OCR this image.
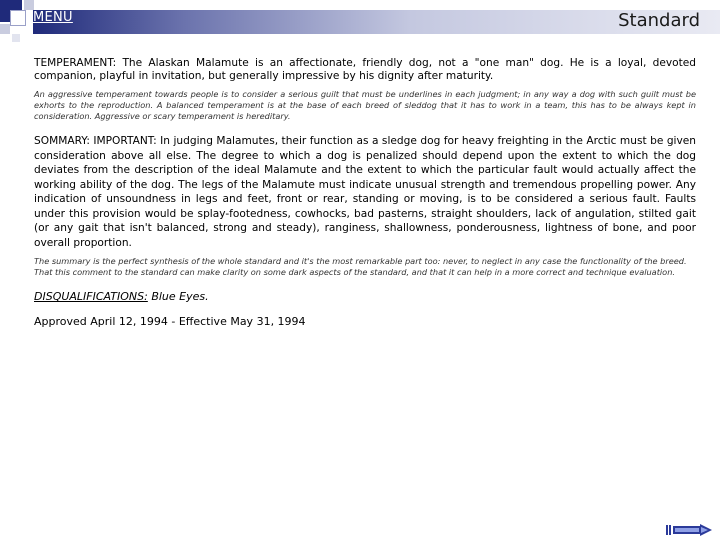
MENU	Standard

TEMPERAMENT: The Alaskan Malamute is an affectionate, friendly dog, not a "one man" dog. He is a loyal, devoted companion, playful in invitation, but generally impressive by his dignity after maturity.

An aggressive temperament towards people is to consider a serious guilt that must be underlines in each judgment; in any way a dog with such guilt must be exhorts to the reproduction. A balanced temperament is at the base of each breed of sleddog that it has to work in a team, this has to be always kept in consideration. Aggressive or scary temperament is hereditary.

SOMMARY: IMPORTANT: In judging Malamutes, their function as a sledge dog for heavy freighting in the Arctic must be given consideration above all else. The degree to which a dog is penalized should depend upon the extent to which the dog deviates from the description of the ideal Malamute and the extent to which the particular fault would actually affect the working ability of the dog. The legs of the Malamute must indicate unusual strength and tremendous propelling power. Any indication of unsoundness in legs and feet, front or rear, standing or moving, is to be considered a serious fault. Faults under this provision would be splay-footedness, cowhocks, bad pasterns, straight shoulders, lack of angulation, stilted gait (or any gait that isn't balanced, strong and steady), ranginess, shallowness, ponderousness, lightness of bone, and poor overall proportion.

The summary is the perfect synthesis of the whole standard and it's the most remarkable part too: never, to neglect in any case the functionality of the breed.

That this comment to the standard can make clarity on some dark aspects of the standard, and that it can help in a more correct and technique evaluation.

DISQUALIFICATIONS: Blue Eyes.

Approved April 12, 1994 - Effective May 31, 1994
